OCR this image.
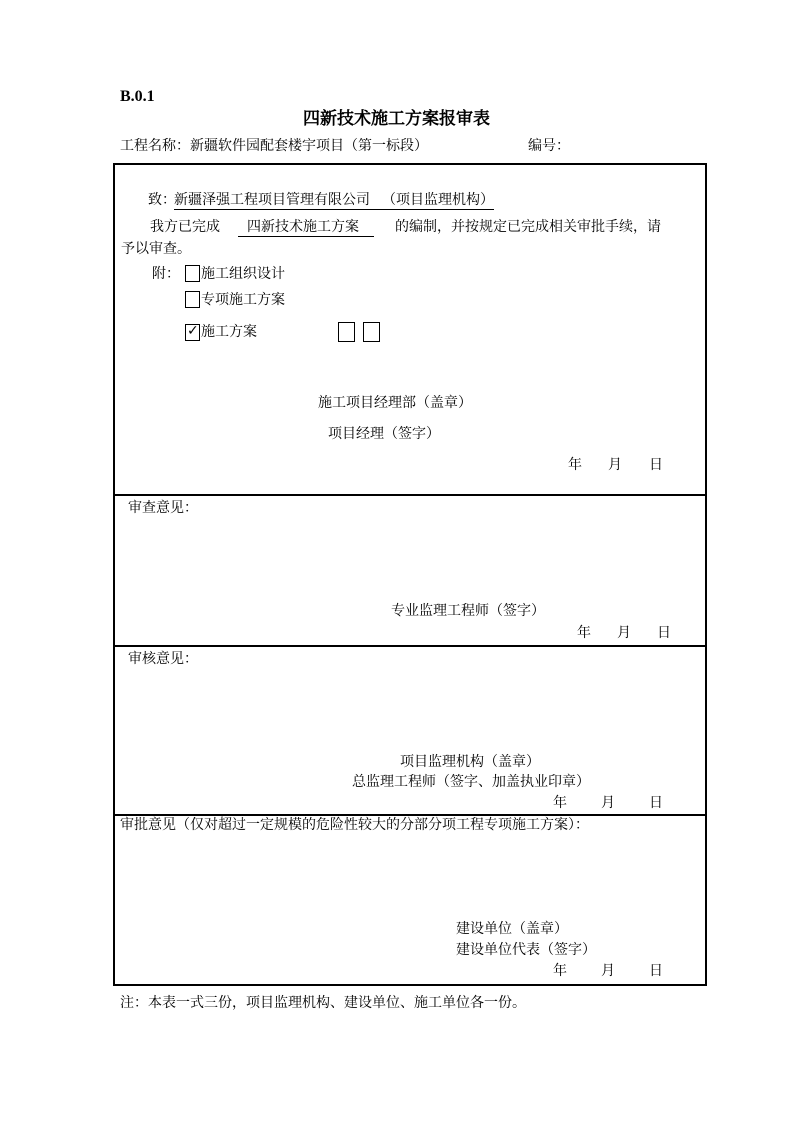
B.0.1
四新技术施工方案报审表
工程名称：新疆软件园配套楼宇项目（第一标段）	编号：
致：
新疆泽强工程项目管理有限公司 （项目监理机构）
我方已完成	四新技术施工方案	的编制，并按规定已完成相关审批手续，请
予以审查。
附： 施工组织设计
专项施工方案
✓ 施工方案
施工项目经理部（盖章）
项目经理（签字）
年 月 日
审查意见：
专业监理工程师（签字）
年 月 日
审核意见：
项目监理机构（盖章）
总监理工程师（签字、加盖执业印章）
年 月 日
审批意见（仅对超过一定规模的危险性较大的分部分项工程专项施工方案）：
建设单位（盖章）
建设单位代表（签字）
年 月 日
注：本表一式三份，项目监理机构、建设单位、施工单位各一份。
